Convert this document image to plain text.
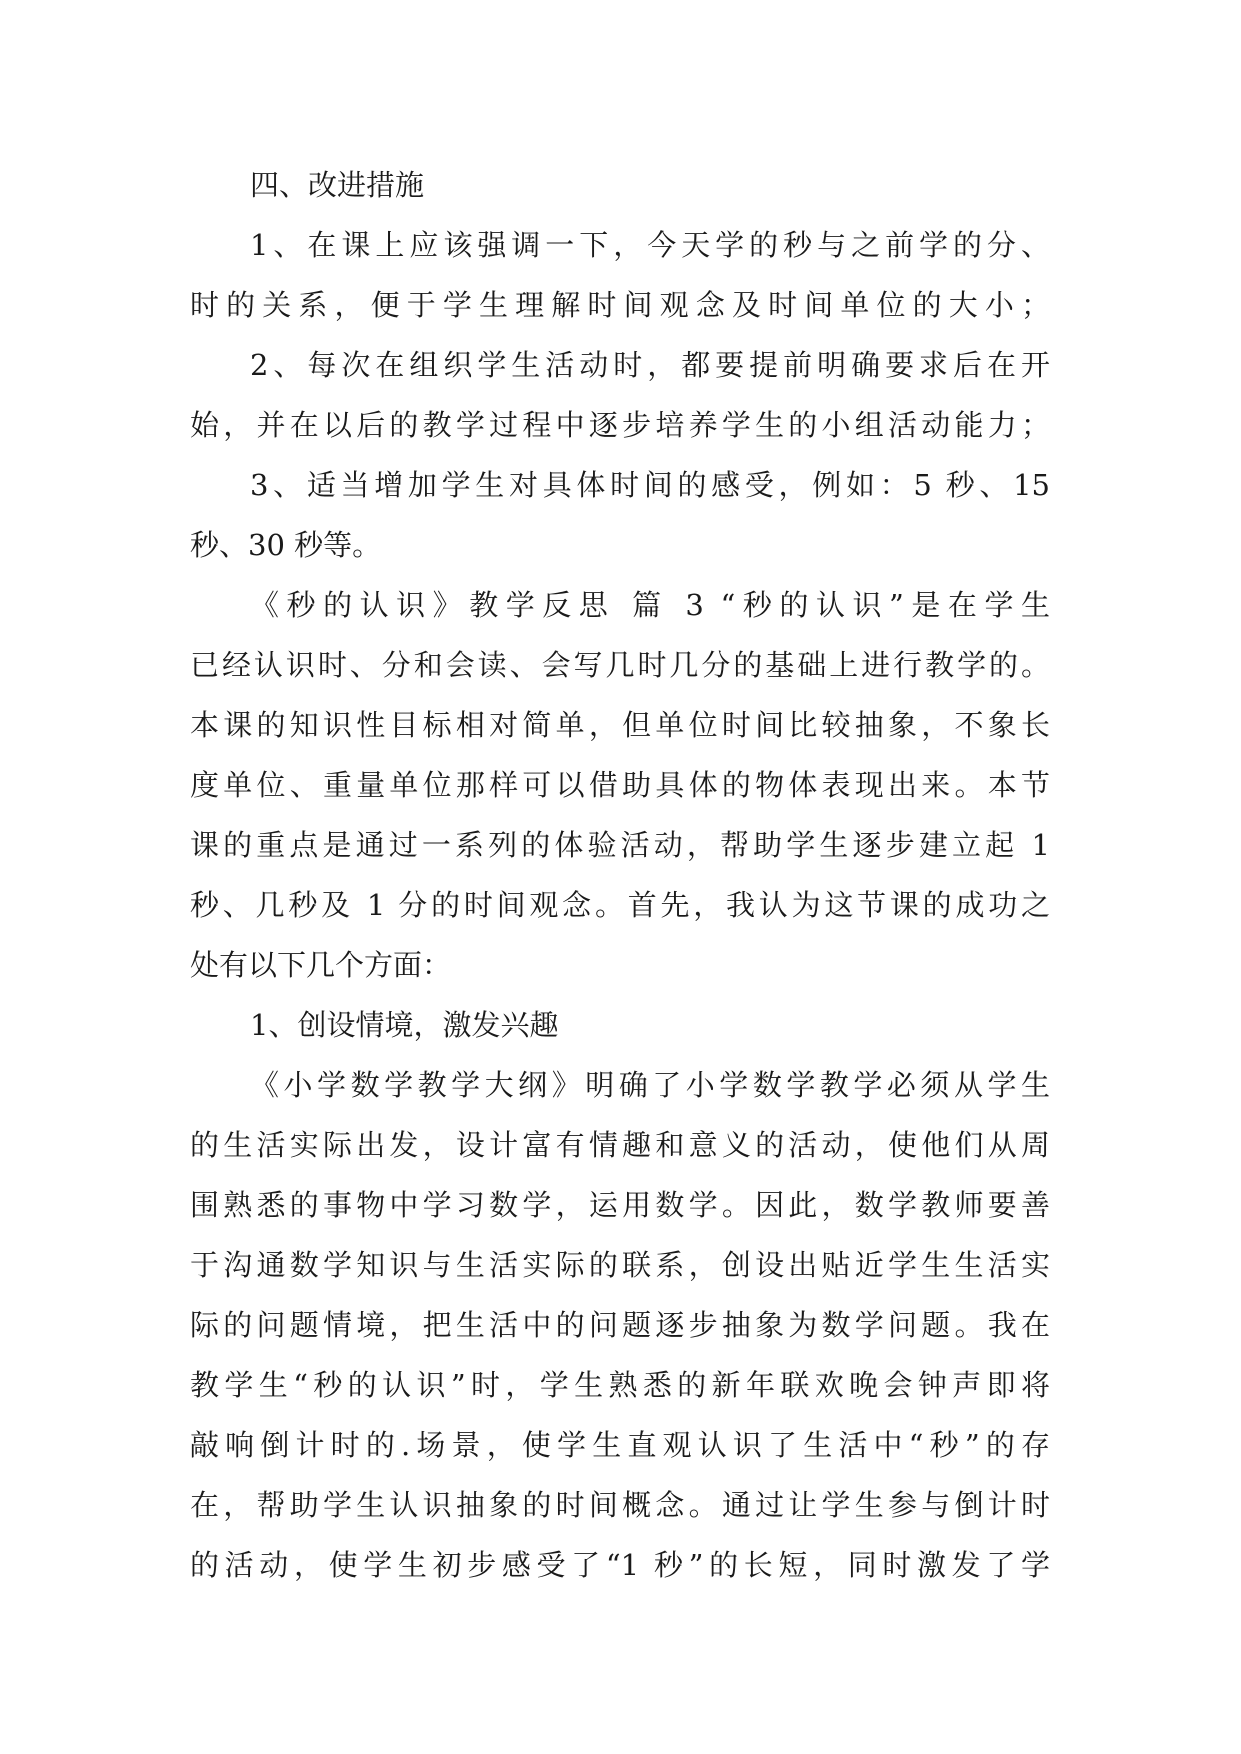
四、改进措施
1、在课上应该强调一下，今天学的秒与之前学的分、
时的关系，便于学生理解时间观念及时间单位的大小；
2、每次在组织学生活动时，都要提前明确要求后在开
始，并在以后的教学过程中逐步培养学生的小组活动能力；
3、适当增加学生对具体时间的感受，例如：5 秒、15
秒、30 秒等。
《秒的认识》教学反思 篇 3 “秒的认识”是在学生
已经认识时、分和会读、会写几时几分的基础上进行教学的。
本课的知识性目标相对简单，但单位时间比较抽象，不象长
度单位、重量单位那样可以借助具体的物体表现出来。本节
课的重点是通过一系列的体验活动，帮助学生逐步建立起 1
秒、几秒及 1 分的时间观念。首先，我认为这节课的成功之
处有以下几个方面：
1、创设情境，激发兴趣
《小学数学教学大纲》明确了小学数学教学必须从学生
的生活实际出发，设计富有情趣和意义的活动，使他们从周
围熟悉的事物中学习数学，运用数学。因此，数学教师要善
于沟通数学知识与生活实际的联系，创设出贴近学生生活实
际的问题情境，把生活中的问题逐步抽象为数学问题。我在
教学生“秒的认识”时，学生熟悉的新年联欢晚会钟声即将
敲响倒计时的.场景，使学生直观认识了生活中“秒”的存
在，帮助学生认识抽象的时间概念。通过让学生参与倒计时
的活动，使学生初步感受了“1 秒”的长短，同时激发了学
